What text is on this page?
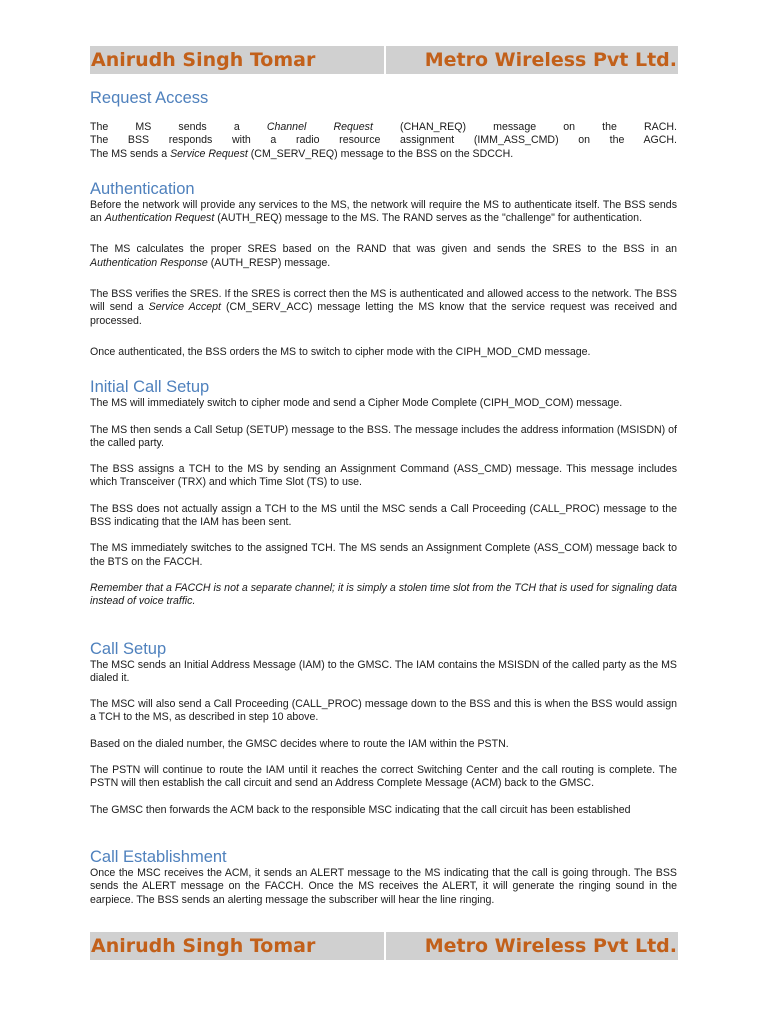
Anirudh Singh Tomar	Metro Wireless Pvt Ltd.
Request Access

The MS sends a Channel Request (CHAN_REQ) message on the RACH.

The BSS responds with a radio resource assignment (IMM_ASS_CMD) on the AGCH.

The MS sends a Service Request (CM_SERV_REQ) message to the BSS on the SDCCH.

Authentication

Before the network will provide any services to the MS, the network will require the MS to authenticate itself. The BSS sends an Authentication Request (AUTH_REQ) message to the MS. The RAND serves as the "challenge" for authentication.

The MS calculates the proper SRES based on the RAND that was given and sends the SRES to the BSS in an Authentication Response (AUTH_RESP) message.

The BSS verifies the SRES. If the SRES is correct then the MS is authenticated and allowed access to the network. The BSS will send a Service Accept (CM_SERV_ACC) message letting the MS know that the service request was received and processed.

Once authenticated, the BSS orders the MS to switch to cipher mode with the CIPH_MOD_CMD message.

Initial Call Setup

The MS will immediately switch to cipher mode and send a Cipher Mode Complete (CIPH_MOD_COM) message.

The MS then sends a Call Setup (SETUP) message to the BSS. The message includes the address information (MSISDN) of the called party.

The BSS assigns a TCH to the MS by sending an Assignment Command (ASS_CMD) message. This message includes which Transceiver (TRX) and which Time Slot (TS) to use.

The BSS does not actually assign a TCH to the MS until the MSC sends a Call Proceeding (CALL_PROC) message to the BSS indicating that the IAM has been sent.

The MS immediately switches to the assigned TCH. The MS sends an Assignment Complete (ASS_COM) message back to the BTS on the FACCH.

Remember that a FACCH is not a separate channel; it is simply a stolen time slot from the TCH that is used for signaling data instead of voice traffic.

Call Setup

The MSC sends an Initial Address Message (IAM) to the GMSC. The IAM contains the MSISDN of the called party as the MS dialed it.

The MSC will also send a Call Proceeding (CALL_PROC) message down to the BSS and this is when the BSS would assign a TCH to the MS, as described in step 10 above.

Based on the dialed number, the GMSC decides where to route the IAM within the PSTN.

The PSTN will continue to route the IAM until it reaches the correct Switching Center and the call routing is complete. The PSTN will then establish the call circuit and send an Address Complete Message (ACM) back to the GMSC.

The GMSC then forwards the ACM back to the responsible MSC indicating that the call circuit has been established

Call Establishment

Once the MSC receives the ACM, it sends an ALERT message to the MS indicating that the call is going through. The BSS sends the ALERT message on the FACCH. Once the MS receives the ALERT, it will generate the ringing sound in the earpiece. The BSS sends an alerting message the subscriber will hear the line ringing.

Anirudh Singh Tomar	Metro Wireless Pvt Ltd.
